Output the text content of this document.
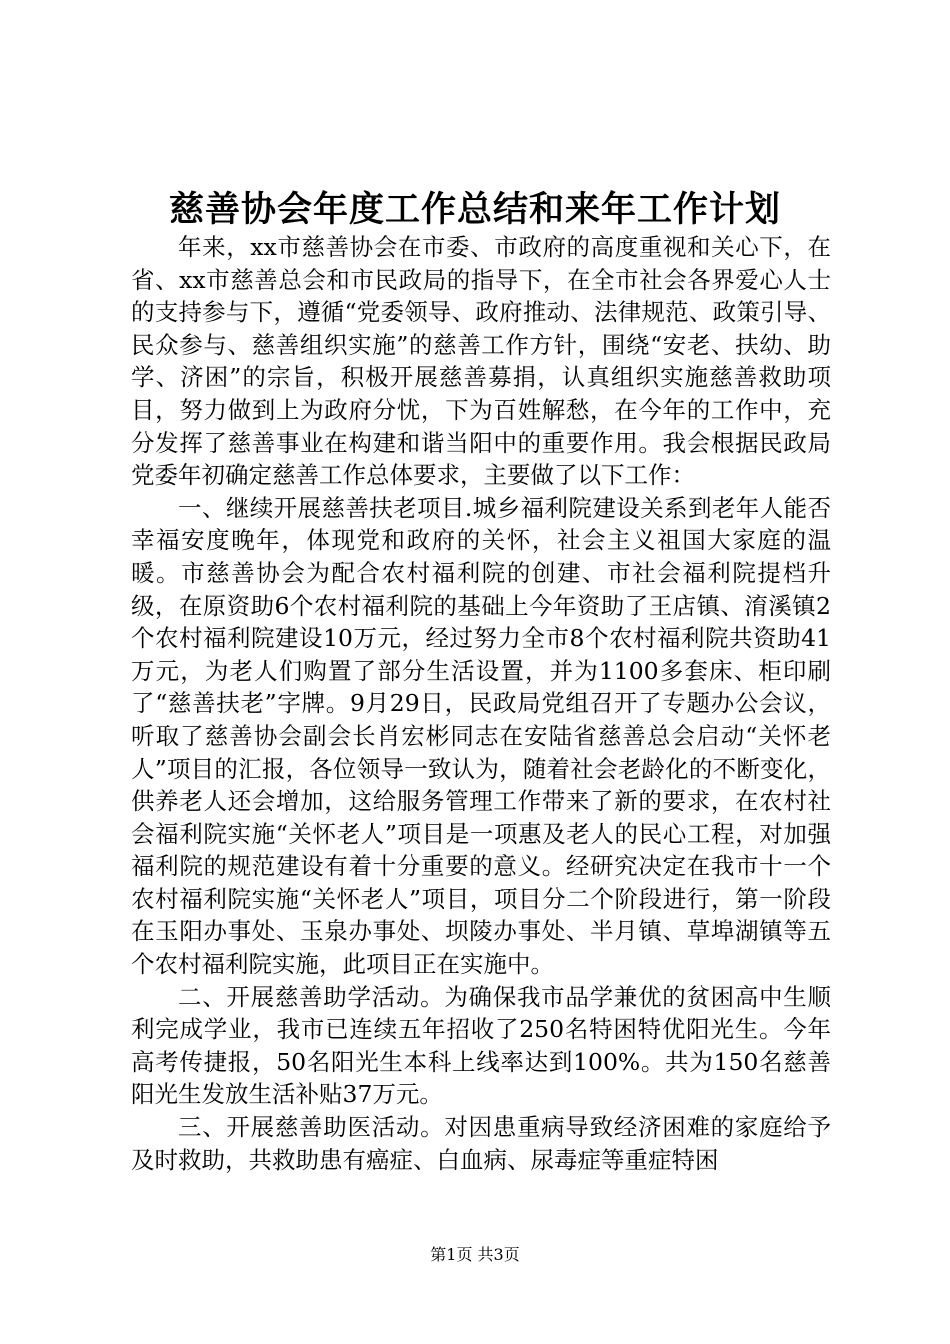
慈善协会年度工作总结和来年工作计划

年来，xx市慈善协会在市委、市政府的高度重视和关心下，在省、xx市慈善总会和市民政局的指导下，在全市社会各界爱心人士的支持参与下，遵循“党委领导、政府推动、法律规范、政策引导、民众参与、慈善组织实施”的慈善工作方针，围绕“安老、扶幼、助学、济困”的宗旨，积极开展慈善募捐，认真组织实施慈善救助项目，努力做到上为政府分忧，下为百姓解愁，在今年的工作中，充分发挥了慈善事业在构建和谐当阳中的重要作用。我会根据民政局党委年初确定慈善工作总体要求，主要做了以下工作：

一、继续开展慈善扶老项目.城乡福利院建设关系到老年人能否幸福安度晚年，体现党和政府的关怀，社会主义祖国大家庭的温暖。市慈善协会为配合农村福利院的创建、市社会福利院提档升级，在原资助6个农村福利院的基础上今年资助了王店镇、淯溪镇2个农村福利院建设10万元，经过努力全市8个农村福利院共资助41万元，为老人们购置了部分生活设置，并为1100多套床、柜印刷了“慈善扶老”字牌。9月29日，民政局党组召开了专题办公会议，听取了慈善协会副会长肖宏彬同志在安陆省慈善总会启动“关怀老人”项目的汇报，各位领导一致认为，随着社会老龄化的不断变化，供养老人还会增加，这给服务管理工作带来了新的要求，在农村社会福利院实施“关怀老人”项目是一项惠及老人的民心工程，对加强福利院的规范建设有着十分重要的意义。经研究决定在我市十一个农村福利院实施“关怀老人”项目，项目分二个阶段进行，第一阶段在玉阳办事处、玉泉办事处、坝陵办事处、半月镇、草埠湖镇等五个农村福利院实施，此项目正在实施中。

二、开展慈善助学活动。为确保我市品学兼优的贫困高中生顺利完成学业，我市已连续五年招收了250名特困特优阳光生。今年高考传捷报，50名阳光生本科上线率达到100%。共为150名慈善阳光生发放生活补贴37万元。

三、开展慈善助医活动。对因患重病导致经济困难的家庭给予及时救助，共救助患有癌症、白血病、尿毒症等重症特困

第1页 共3页
